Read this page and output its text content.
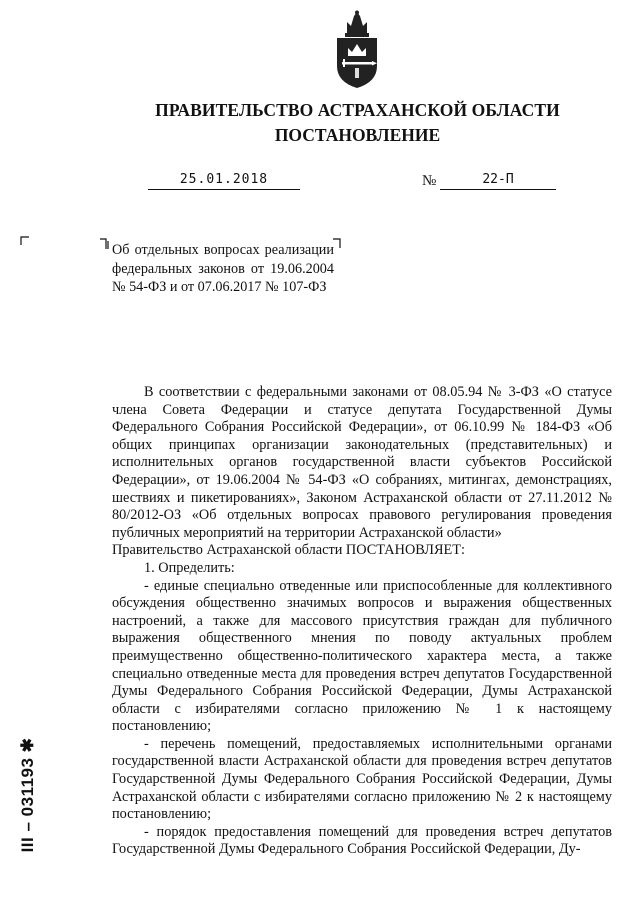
ПРАВИТЕЛЬСТВО АСТРАХАНСКОЙ ОБЛАСТИ
ПОСТАНОВЛЕНИЕ
25.01.2018	№	22-П
Об отдельных вопросах реализации федеральных законов от 19.06.2004 № 54-ФЗ и от 07.06.2017 № 107-ФЗ

В соответствии с федеральными законами от 08.05.94 № 3-ФЗ «О статусе члена Совета Федерации и статусе депутата Государственной Думы Федерального Собрания Российской Федерации», от 06.10.99 № 184-ФЗ «Об общих принципах организации законодательных (представительных) и исполнительных органов государственной власти субъектов Российской Федерации», от 19.06.2004 № 54-ФЗ «О собраниях, митингах, демонстрациях, шествиях и пикетированиях», Законом Астраханской области от 27.11.2012 № 80/2012-ОЗ «Об отдельных вопросах правового регулирования проведения публичных мероприятий на территории Астраханской области»

Правительство Астраханской области ПОСТАНОВЛЯЕТ:

1. Определить:

- единые специально отведенные или приспособленные для коллективного обсуждения общественно значимых вопросов и выражения общественных настроений, а также для массового присутствия граждан для публичного выражения общественного мнения по поводу актуальных проблем преимущественно общественно-политического характера места, а также специально отведенные места для проведения встреч депутатов Государственной Думы Федерального Собрания Российской Федерации, Думы Астраханской области с избирателями согласно приложению № 1 к настоящему постановлению;

- перечень помещений, предоставляемых исполнительными органами государственной власти Астраханской области для проведения встреч депутатов Государственной Думы Федерального Собрания Российской Федерации, Думы Астраханской области с избирателями согласно приложению № 2 к настоящему постановлению;

- порядок предоставления помещений для проведения встреч депутатов Государственной Думы Федерального Собрания Российской Федерации, Ду-

ІІІ – 031193 ✱
